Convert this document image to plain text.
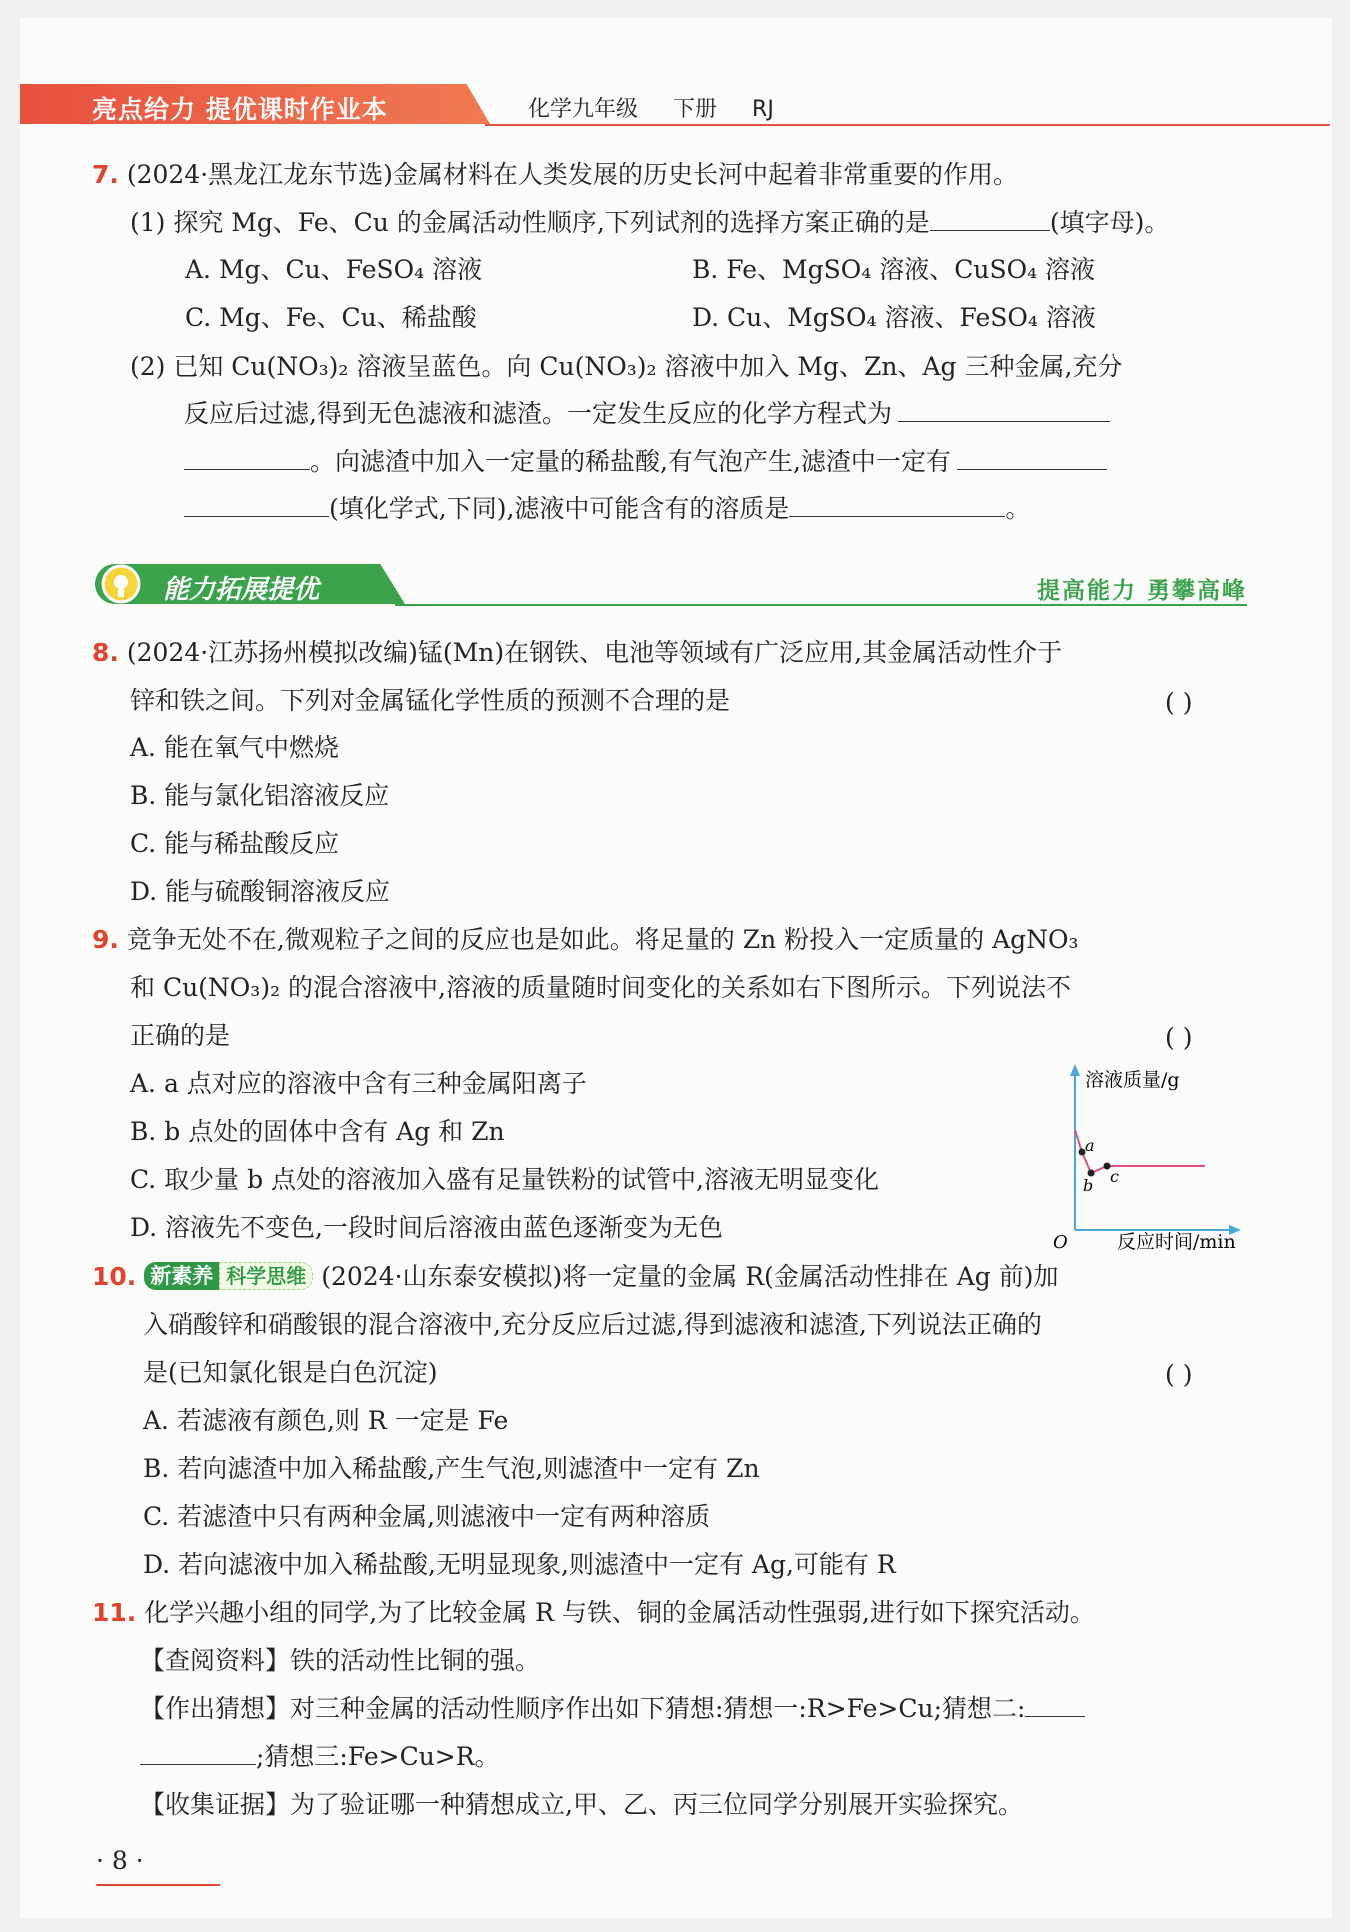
亮点给力 提优课时作业本	化学九年级 下册 RJ
7. (2024·黑龙江龙东节选)金属材料在人类发展的历史长河中起着非常重要的作用。
(1) 探究 Mg、Fe、Cu 的金属活动性顺序,下列试剂的选择方案正确的是	(填字母)。
A. Mg、Cu、FeSO₄ 溶液	B. Fe、MgSO₄ 溶液、CuSO₄ 溶液
C. Mg、Fe、Cu、稀盐酸	D. Cu、MgSO₄ 溶液、FeSO₄ 溶液
(2) 已知 Cu(NO₃)₂ 溶液呈蓝色。向 Cu(NO₃)₂ 溶液中加入 Mg、Zn、Ag 三种金属,充分
反应后过滤,得到无色滤液和滤渣。一定发生反应的化学方程式为
。向滤渣中加入一定量的稀盐酸,有气泡产生,滤渣中一定有
(填化学式,下同),滤液中可能含有的溶质是	。
能力拓展提优	提高能力 勇攀高峰
8. (2024·江苏扬州模拟改编)锰(Mn)在钢铁、电池等领域有广泛应用,其金属活动性介于
锌和铁之间。下列对金属锰化学性质的预测不合理的是	( )
A. 能在氧气中燃烧
B. 能与氯化铝溶液反应
C. 能与稀盐酸反应
D. 能与硫酸铜溶液反应
9. 竞争无处不在,微观粒子之间的反应也是如此。将足量的 Zn 粉投入一定质量的 AgNO₃
和 Cu(NO₃)₂ 的混合溶液中,溶液的质量随时间变化的关系如右下图所示。下列说法不
正确的是	( )
A. a 点对应的溶液中含有三种金属阳离子
B. b 点处的固体中含有 Ag 和 Zn
C. 取少量 b 点处的溶液加入盛有足量铁粉的试管中,溶液无明显变化
D. 溶液先不变色,一段时间后溶液由蓝色逐渐变为无色
a
b c
溶液质量/g
O	反应时间/min
10. 新素养 科学思维 (2024·山东泰安模拟)将一定量的金属 R(金属活动性排在 Ag 前)加
入硝酸锌和硝酸银的混合溶液中,充分反应后过滤,得到滤液和滤渣,下列说法正确的
是(已知氯化银是白色沉淀)	( )
A. 若滤液有颜色,则 R 一定是 Fe
B. 若向滤渣中加入稀盐酸,产生气泡,则滤渣中一定有 Zn
C. 若滤渣中只有两种金属,则滤液中一定有两种溶质
D. 若向滤液中加入稀盐酸,无明显现象,则滤渣中一定有 Ag,可能有 R
11. 化学兴趣小组的同学,为了比较金属 R 与铁、铜的金属活动性强弱,进行如下探究活动。
【查阅资料】铁的活动性比铜的强。
【作出猜想】对三种金属的活动性顺序作出如下猜想:猜想一:R>Fe>Cu;猜想二:
;猜想三:Fe>Cu>R。
【收集证据】为了验证哪一种猜想成立,甲、乙、丙三位同学分别展开实验探究。
· 8 ·
